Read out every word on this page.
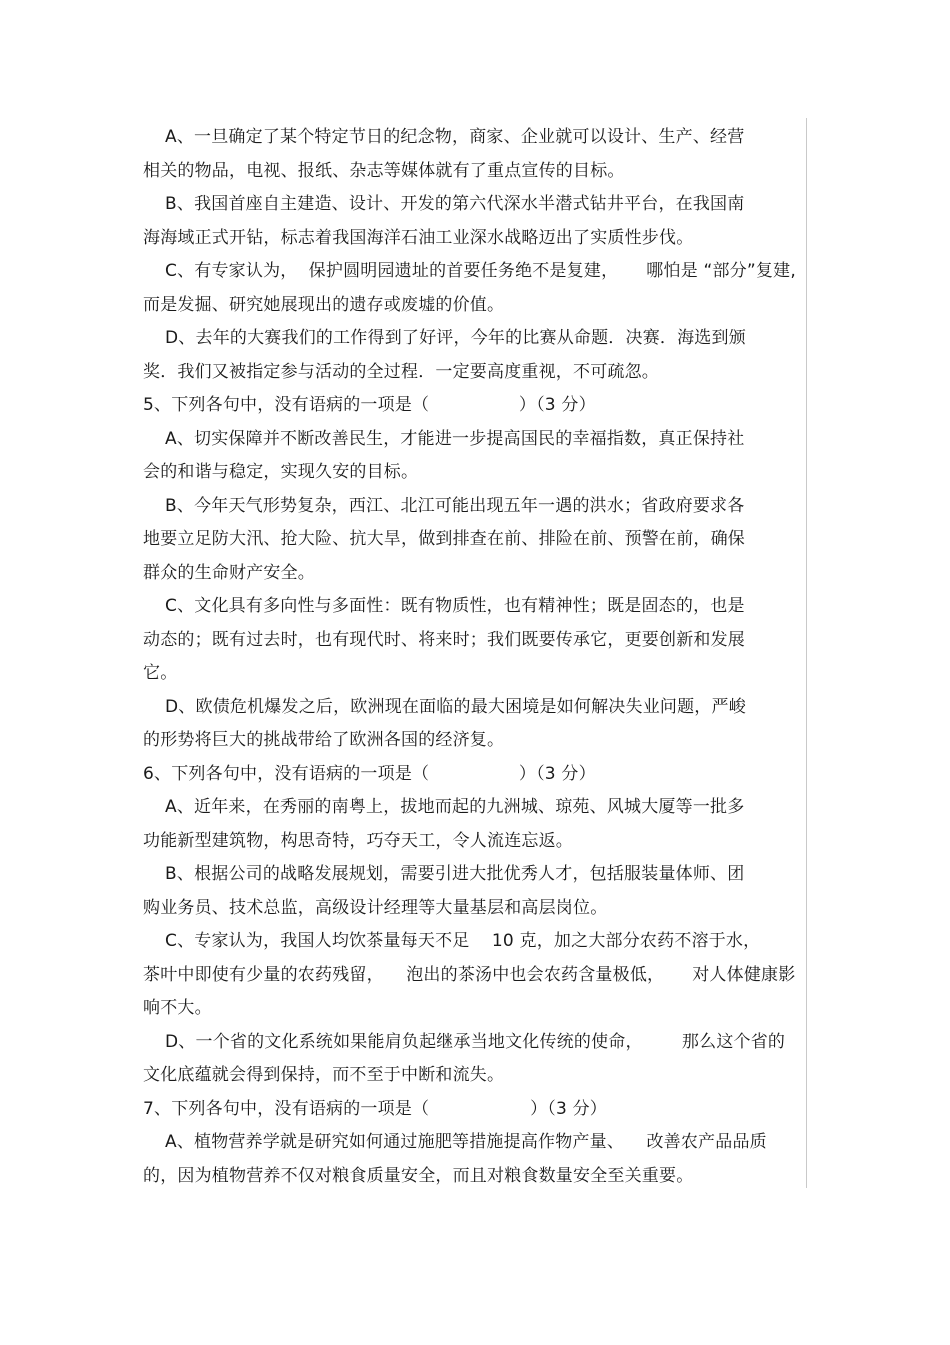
A、一旦确定了某个特定节日的纪念物，商家、企业就可以设计、生产、经营
相关的物品，电视、报纸、杂志等媒体就有了重点宣传的目标。
B、我国首座自主建造、设计、开发的第六代深水半潜式钻井平台，在我国南
海海域正式开钻，标志着我国海洋石油工业深水战略迈出了实质性步伐。
C、有专家认为，  保护圆明园遗址的首要任务绝不是复建，     哪怕是 “部分”复建,
而是发掘、研究她展现出的遗存或废墟的价值。
D、去年的大赛我们的工作得到了好评，今年的比赛从命题．决赛．海选到颁
奖．我们又被指定参与活动的全过程．一定要高度重视，不可疏忽。
5、下列各句中，没有语病的一项是（                ）（3 分）
A、切实保障并不断改善民生，才能进一步提高国民的幸福指数，真正保持社
会的和谐与稳定，实现久安的目标。
B、今年天气形势复杂，西江、北江可能出现五年一遇的洪水；省政府要求各
地要立足防大汛、抢大险、抗大旱，做到排查在前、排险在前、预警在前，确保
群众的生命财产安全。
C、文化具有多向性与多面性：既有物质性，也有精神性；既是固态的，也是
动态的；既有过去时，也有现代时、将来时；我们既要传承它，更要创新和发展
它。
D、欧债危机爆发之后，欧洲现在面临的最大困境是如何解决失业问题，严峻
的形势将巨大的挑战带给了欧洲各国的经济复。
6、下列各句中，没有语病的一项是（                ）（3 分）
A、近年来，在秀丽的南粤上，拔地而起的九洲城、琼苑、风城大厦等一批多
功能新型建筑物，构思奇特，巧夺天工，令人流连忘返。
B、根据公司的战略发展规划，需要引进大批优秀人才，包括服装量体师、团
购业务员、技术总监，高级设计经理等大量基层和高层岗位。
C、专家认为，我国人均饮茶量每天不足    10 克，加之大部分农药不溶于水，
茶叶中即使有少量的农药残留，    泡出的茶汤中也会农药含量极低，     对人体健康影
响不大。
D、一个省的文化系统如果能肩负起继承当地文化传统的使命，       那么这个省的
文化底蕴就会得到保持，而不至于中断和流失。
7、下列各句中，没有语病的一项是（                  ）（3 分）
A、植物营养学就是研究如何通过施肥等措施提高作物产量、    改善农产品品质
的，因为植物营养不仅对粮食质量安全，而且对粮食数量安全至关重要。
